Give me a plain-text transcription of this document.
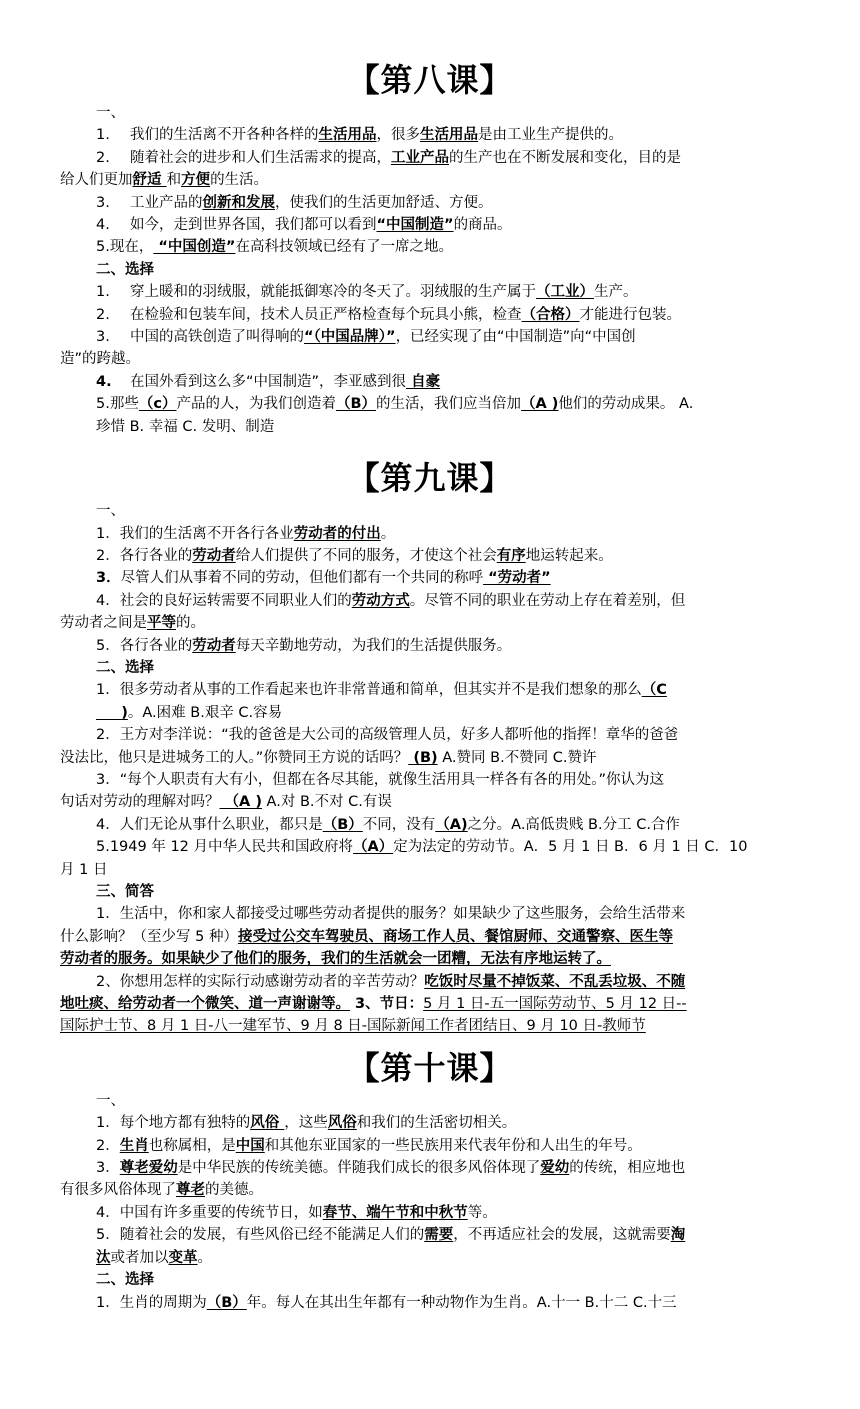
【第八课】
一、
1. 我们的生活离不开各种各样的生活用品，很多生活用品是由工业生产提供的。
2. 随着社会的进步和人们生活需求的提高，工业产品的生产也在不断发展和变化，目的是
给人们更加舒适 和方便的生活。
3. 工业产品的创新和发展，使我们的生活更加舒适、方便。
4. 如今，走到世界各国，我们都可以看到“中国制造”的商品。
5.现在， “中国创造”在高科技领域已经有了一席之地。
二、选择
1. 穿上暖和的羽绒服，就能抵御寒冷的冬天了。羽绒服的生产属于（工业）生产。
2. 在检验和包装车间，技术人员正严格检查每个玩具小熊，检查（合格）才能进行包装。
3. 中国的高铁创造了叫得响的“（中国品牌）”，已经实现了由“中国制造”向“中国创
造”的跨越。
4. 在国外看到这么多“中国制造”，李亚感到很 自豪
5.那些（c）产品的人，为我们创造着（B）的生活，我们应当倍加（A )他们的劳动成果。 A.
珍惜 B. 幸福 C. 发明、制造
【第九课】
一、
1．我们的生活离不开各行各业劳动者的付出。
2．各行各业的劳动者给人们提供了不同的服务，才使这个社会有序地运转起来。
3．尽管人们从事着不同的劳动，但他们都有一个共同的称呼 “劳动者”
4．社会的良好运转需要不同职业人们的劳动方式。尽管不同的职业在劳动上存在着差别，但
劳动者之间是平等的。
5．各行各业的劳动者每天辛勤地劳动，为我们的生活提供服务。
二、选择
1．很多劳动者从事的工作看起来也许非常普通和简单，但其实并不是我们想象的那么（C
)。A.困难 B.艰辛 C.容易
2．王方对李洋说：“我的爸爸是大公司的高级管理人员，好多人都听他的指挥！章华的爸爸
没法比，他只是进城务工的人。”你赞同王方说的话吗？ (B) A.赞同 B.不赞同 C.赞许
3．“每个人职责有大有小，但都在各尽其能，就像生活用具一样各有各的用处。”你认为这
句话对劳动的理解对吗？ （A ) A.对 B.不对 C.有误
4．人们无论从事什么职业，都只是（B）不同，没有（A)之分。A.高低贵贱 B.分工 C.合作
5.1949 年 12 月中华人民共和国政府将（A）定为法定的劳动节。A．5 月 1 日 B．6 月 1 日 C．10
月 1 日
三、简答
1．生活中，你和家人都接受过哪些劳动者提供的服务？如果缺少了这些服务，会给生活带来
什么影响？（至少写 5 种）接受过公交车驾驶员、商场工作人员、餐馆厨师、交通警察、医生等
劳动者的服务。如果缺少了他们的服务，我们的生活就会一团糟，无法有序地运转了。
2、你想用怎样的实际行动感谢劳动者的辛苦劳动？吃饭时尽量不掉饭菜、不乱丢垃圾、不随
地吐痰、给劳动者一个微笑、道一声谢谢等。 3、节日：5 月 1 日-五一国际劳动节、5 月 12 日--
国际护士节、8 月 1 日-八一建军节、9 月 8 日-国际新闻工作者团结日、9 月 10 日-教师节
【第十课】
一、
1．每个地方都有独特的风俗 ，这些风俗和我们的生活密切相关。
2．生肖也称属相，是中国和其他东亚国家的一些民族用来代表年份和人出生的年号。
3．尊老爱幼是中华民族的传统美德。伴随我们成长的很多风俗体现了爱幼的传统，相应地也
有很多风俗体现了尊老的美德。
4．中国有许多重要的传统节日，如春节、端午节和中秋节等。
5．随着社会的发展，有些风俗已经不能满足人们的需要，不再适应社会的发展，这就需要淘
汰或者加以变革。
二、选择
1．生肖的周期为（B）年。每人在其出生年都有一种动物作为生肖。A.十一 B.十二 C.十三
